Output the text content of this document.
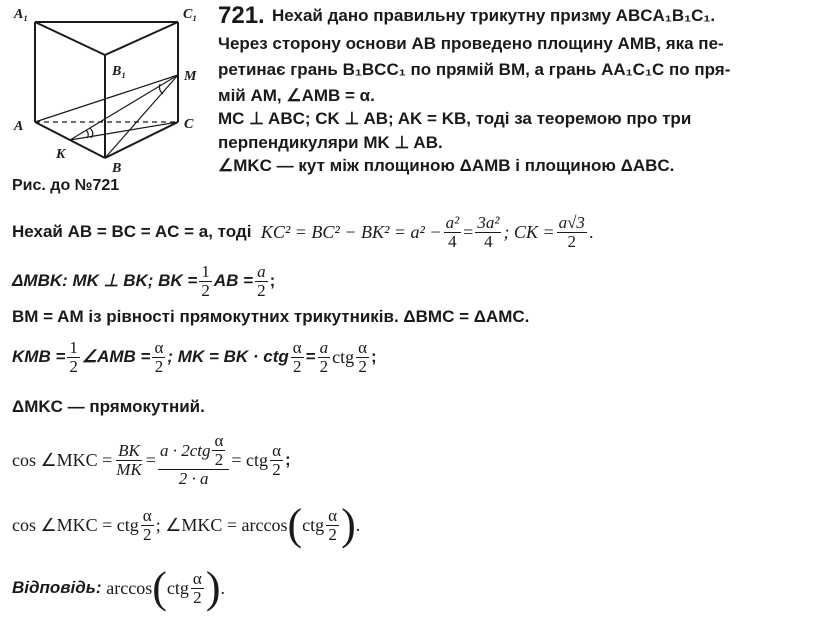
A₁	C₁
B₁	M
A	C
K
B
Рис. до №721
721. Нехай дано правильну трикутну призму ABCA₁B₁C₁.
Через сторону основи AB проведено площину AMB, яка пе-
ретинає грань B₁BCC₁ по прямій BM, а грань AA₁C₁C по пря-
мій AM, ∠AMB = α.
MC ⊥ ABC; CK ⊥ AB; AK = KB, тоді за теоремою про три
перпендикуляри MK ⊥ AB.
∠MKC — кут між площиною ΔAMB і площиною ΔABC.
Нехай AB = BC = AC = a, тоді
$KC^2 = BC^2 - BK^2 = a^2 - \frac{\text{a²}}{4} = \frac{\text{3a²}}{4}$ ; CK = $\frac{a√3}{2}$ .
ΔMBK: MK ⊥ BK; BK = $\frac{1}{2}$ AB = $\frac{a}{2}$ ;
BM = AM із рівності прямокутних трикутників. ΔBMC = ΔAMC.
KMB = $\frac{1}{2}$ ∠AMB = $\frac{\alpha}{2}$ ; MK = BK · ctg $\frac{\alpha}{2} = \frac{a}{2}$ ctg $\frac{\alpha}{2}$ ;
ΔMKC — прямокутний.
cos ∠MKC = $\frac{BK}{MK} = \frac{a \cdot 2ctg \frac{\alpha}{2}}{2 \cdot a}$ = ctg $\frac{\alpha}{2}$ ;
cos ∠MKC = ctg $\frac{\alpha}{2}$ ; ∠MKC = arccos ( ctg $\frac{\alpha}{2}$ ) .
Відповідь:
arccos ( ctg $\frac{\alpha}{2}$ ) .
